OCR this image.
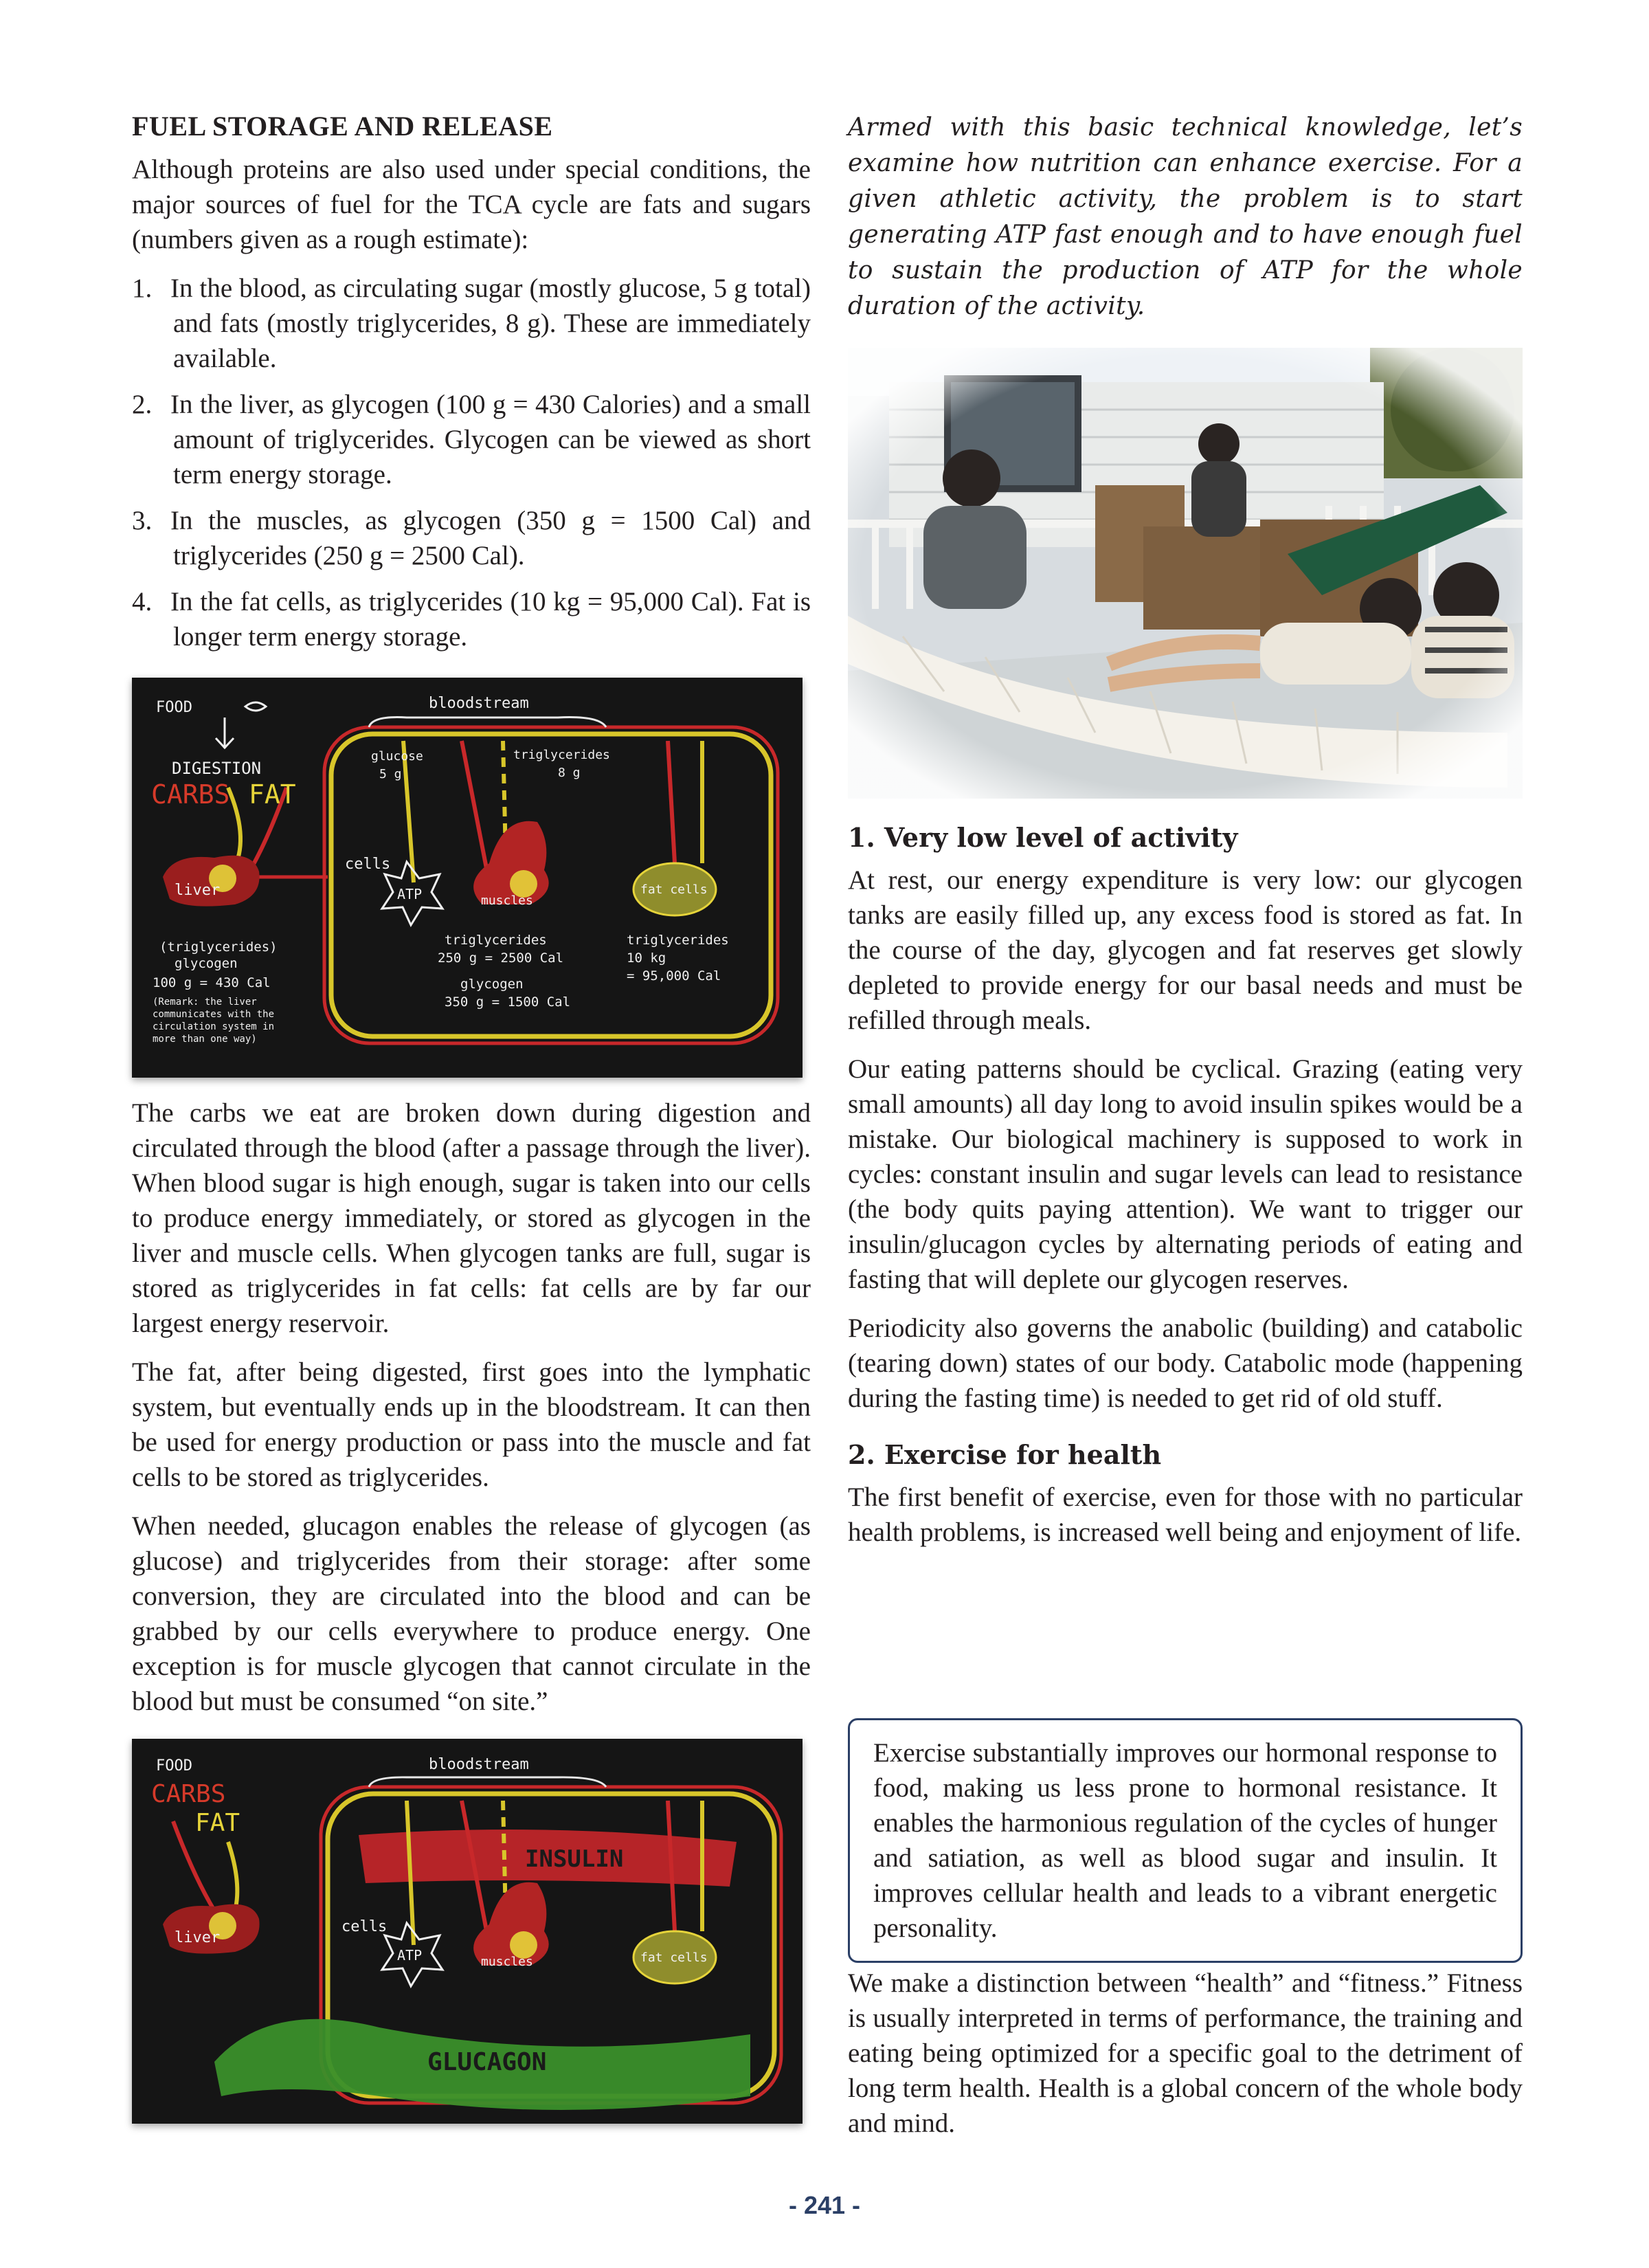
FUEL STORAGE AND RELEASE

Although proteins are also used under special conditions, the major sources of fuel for the TCA cycle are fats and sugars (numbers given as a rough estimate):

1. In the blood, as circulating sugar (mostly glucose, 5 g total) and fats (mostly triglycerides, 8 g). These are immediately available.
2. In the liver, as glycogen (100 g = 430 Calories) and a small amount of triglycerides. Glycogen can be viewed as short term energy storage.
3. In the muscles, as glycogen (350 g = 1500 Cal) and triglycerides (250 g = 2500 Cal).
4. In the fat cells, as triglycerides (10 kg = 95,000 Cal). Fat is longer term energy storage.
FOOD
DIGESTION
CARBS FAT
bloodstream
glucose
5 g
triglycerides
8 g
cells
ATP
liver
muscles
fat cells
(triglycerides)
glycogen
100 g = 430 Cal
(Remark: the liver
communicates with the
circulation system in
more than one way)
triglycerides
250 g = 2500 Cal
glycogen
350 g = 1500 Cal
triglycerides
10 kg
= 95,000 Cal

The carbs we eat are broken down during digestion and circulated through the blood (after a passage through the liver). When blood sugar is high enough, sugar is taken into our cells to produce energy immediately, or stored as glycogen in the liver and muscle cells. When glycogen tanks are full, sugar is stored as triglycerides in fat cells: fat cells are by far our largest energy reservoir.

The fat, after being digested, first goes into the lymphatic system, but eventually ends up in the bloodstream. It can then be used for energy production or pass into the muscle and fat cells to be stored as triglycerides.

When needed, glucagon enables the release of glycogen (as glucose) and triglycerides from their storage: after some conversion, they are circulated into the blood and can be grabbed by our cells everywhere to produce energy. One exception is for muscle glycogen that cannot circulate in the blood but must be consumed “on site.”

FOOD
CARBS
FAT
bloodstream
INSULIN
GLUCAGON
cells
ATP
liver
muscles	fat cells

Armed with this basic technical knowledge, let’s examine how nutrition can enhance exercise. For a given athletic activity, the problem is to start generating ATP fast enough and to have enough fuel to sustain the production of ATP for the whole duration of the activity.

1. Very low level of activity

At rest, our energy expenditure is very low: our glycogen tanks are easily filled up, any excess food is stored as fat. In the course of the day, glycogen and fat reserves get slowly depleted to provide energy for our basal needs and must be refilled through meals.

Our eating patterns should be cyclical. Grazing (eating very small amounts) all day long to avoid insulin spikes would be a mistake. Our biological machinery is supposed to work in cycles: constant insulin and sugar levels can lead to resistance (the body quits paying attention). We want to trigger our insulin/glucagon cycles by alternating periods of eating and fasting that will deplete our glycogen reserves.

Periodicity also governs the anabolic (building) and catabolic (tearing down) states of our body. Catabolic mode (happening during the fasting time) is needed to get rid of old stuff.

2. Exercise for health

The first benefit of exercise, even for those with no particular health problems, is increased well being and enjoyment of life.

Exercise substantially improves our hormonal response to food, making us less prone to hormonal resistance. It enables the harmonious regulation of the cycles of hunger and satiation, as well as blood sugar and insulin. It improves cellular health and leads to a vibrant energetic personality.

We make a distinction between “health” and “fitness.” Fitness is usually interpreted in terms of performance, the training and eating being optimized for a specific goal to the detriment of long term health. Health is a global concern of the whole body and mind.

- 241 -
